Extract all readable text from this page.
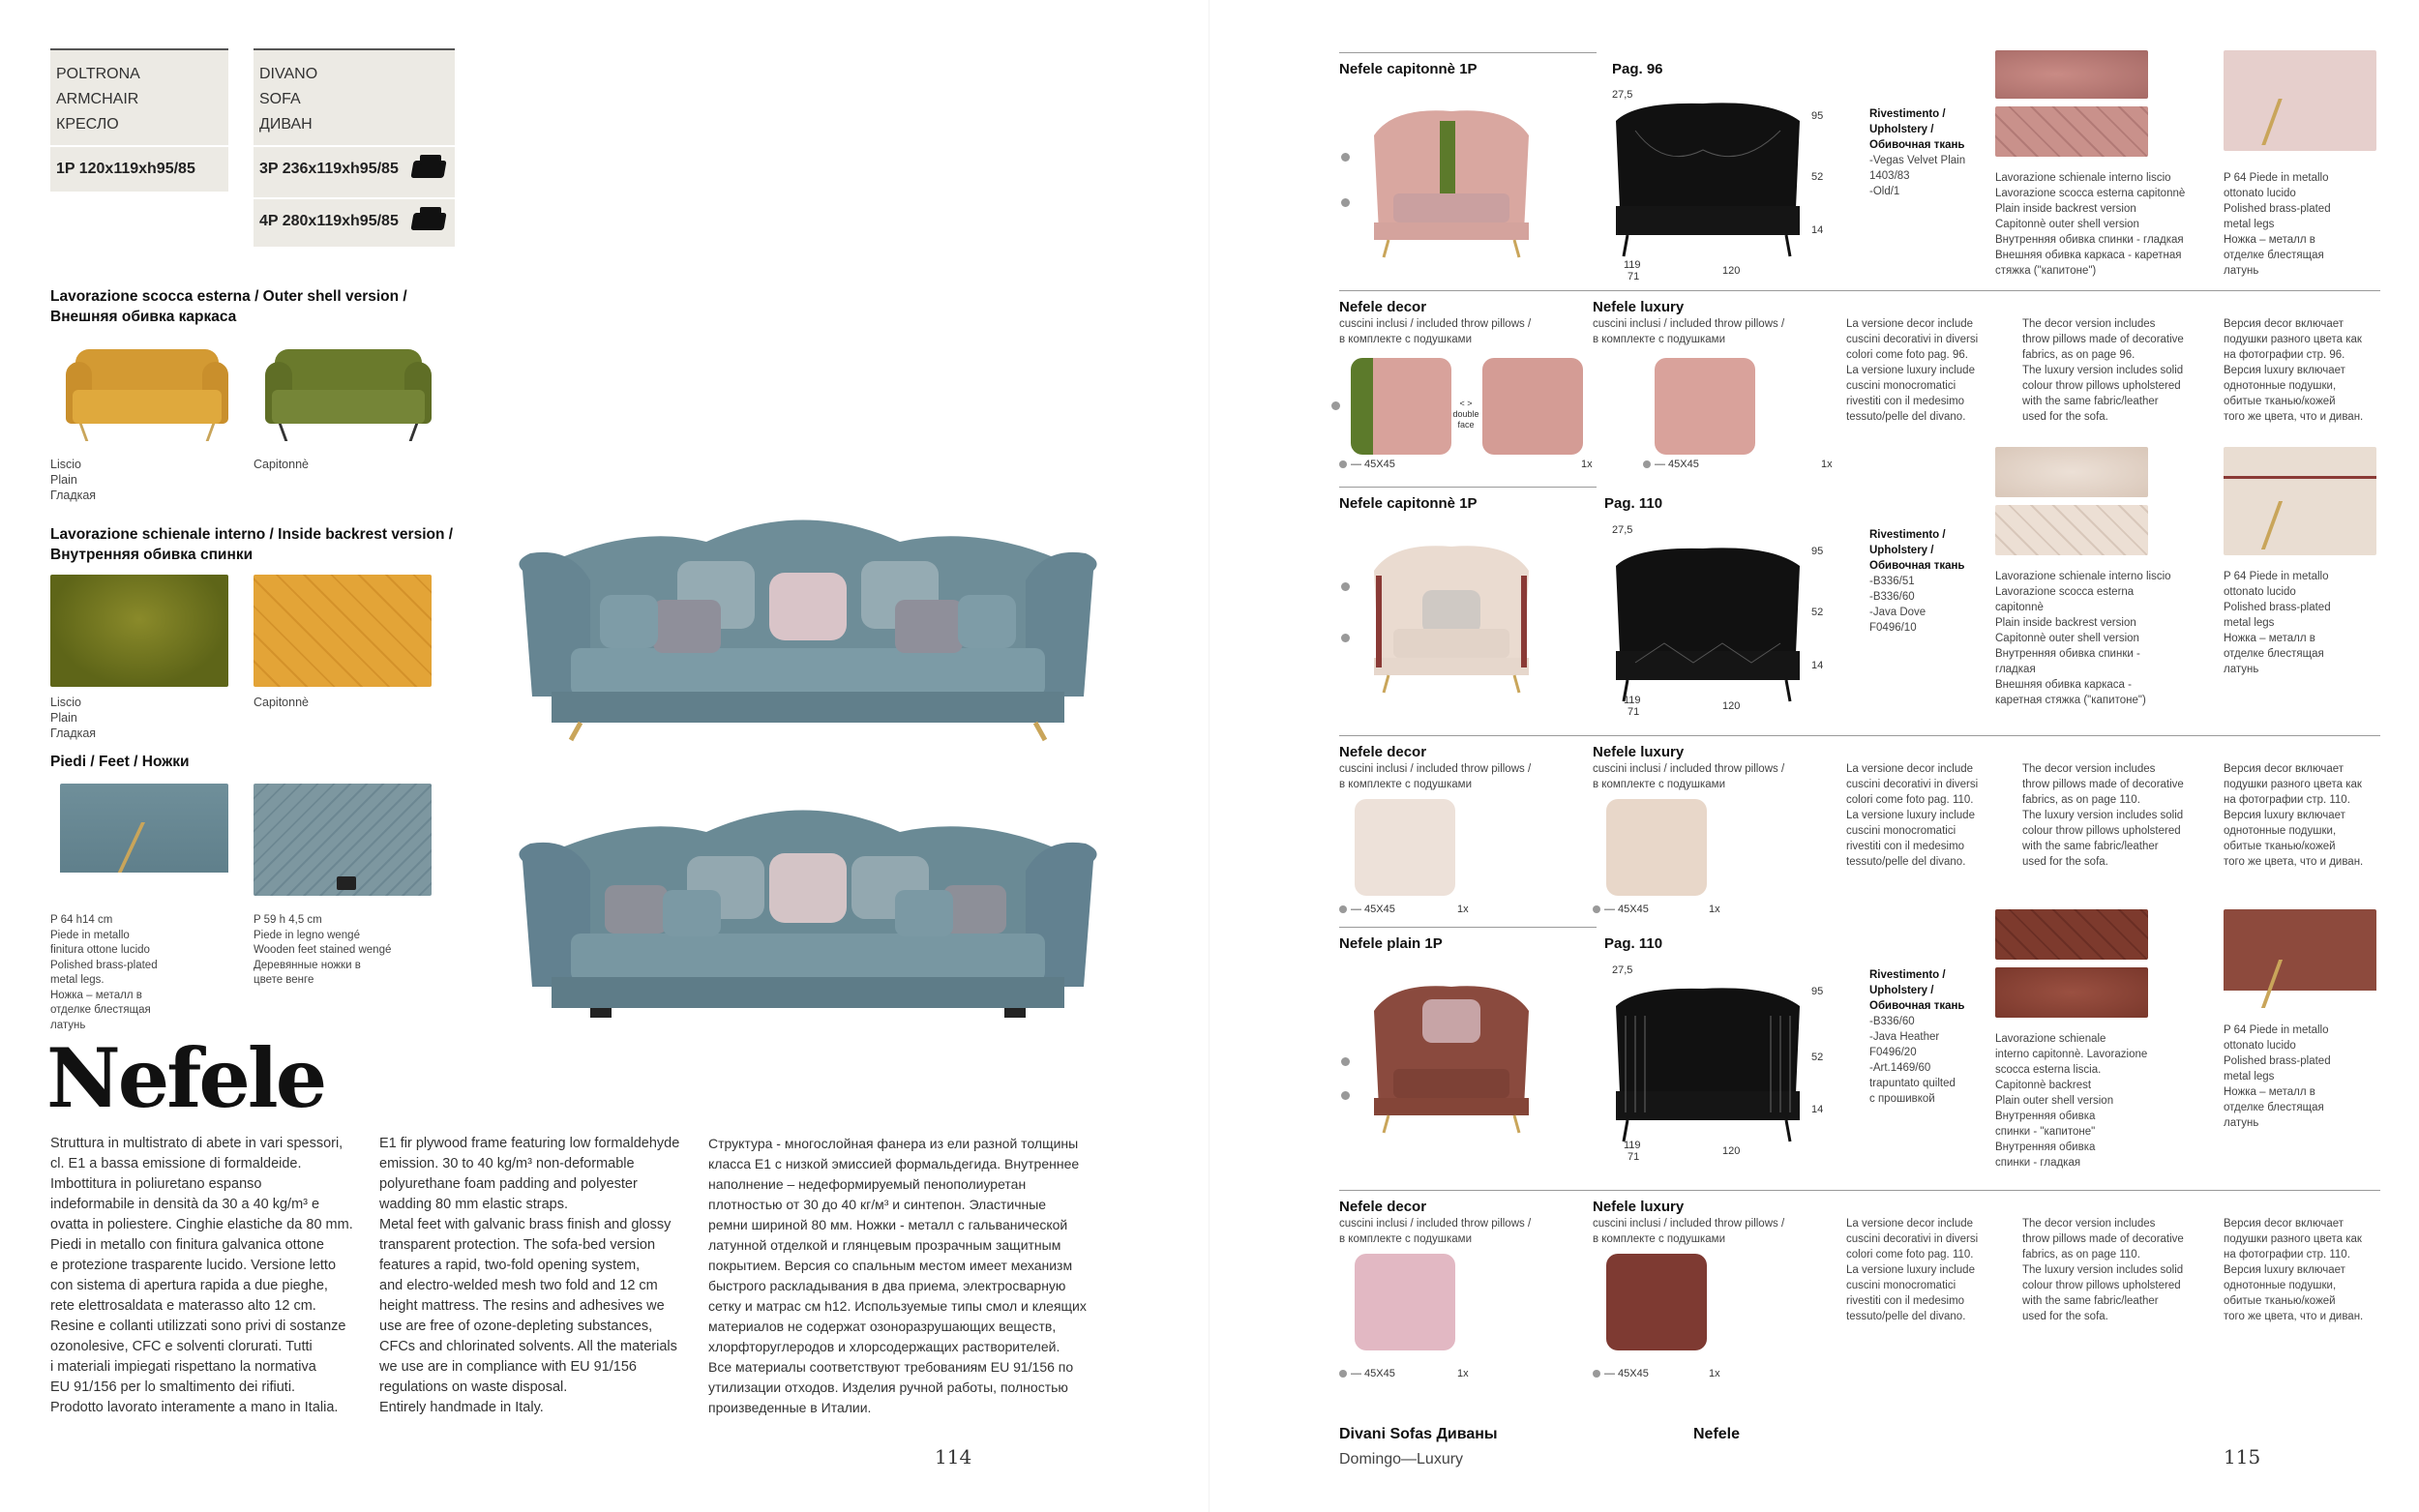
POLTRONA
ARMCHAIR
КРЕСЛО
1P 120x119xh95/85
DIVANO
SOFA
ДИВАН
3P 236x119xh95/85
4P 280x119xh95/85
Lavorazione scocca esterna / Outer shell version /
Внешняя обивка каркаса
Liscio
Plain
Гладкая
Capitonnè
Lavorazione schienale interno / Inside backrest version /
Внутренняя обивка спинки
Liscio
Plain
Гладкая
Capitonnè
Piedi / Feet / Ножки
P 64 h14 cm
Piede in metallo
finitura ottone lucido
Polished brass-plated
metal legs.
Ножка – металл в
отделке блестящая
латунь
P 59 h 4,5 cm
Piede in legno wengé
Wooden feet stained wengé
Деревянные ножки в
цвете венге
Nefele
Struttura in multistrato di abete in vari spessori,
cl. E1 a bassa emissione di formaldeide.
Imbottitura in poliuretano espanso
indeformabile in densità da 30 a 40 kg/m³ e
ovatta in poliestere. Cinghie elastiche da 80 mm.
Piedi in metallo con finitura galvanica ottone
e protezione trasparente lucido. Versione letto
con sistema di apertura rapida a due pieghe,
rete elettrosaldata e materasso alto 12 cm.
Resine e collanti utilizzati sono privi di sostanze
ozonolesive, CFC e solventi clorurati. Tutti
i materiali impiegati rispettano la normativa
EU 91/156 per lo smaltimento dei rifiuti.
Prodotto lavorato interamente a mano in Italia.
E1 fir plywood frame featuring low formaldehyde
emission. 30 to 40 kg/m³ non-deformable
polyurethane foam padding and polyester
wadding 80 mm elastic straps.
Metal feet with galvanic brass finish and glossy
transparent protection. The sofa-bed version
features a rapid, two-fold opening system,
and electro-welded mesh two fold and 12 cm
height mattress. The resins and adhesives we
use are free of ozone-depleting substances,
CFCs and chlorinated solvents. All the materials
we use are in compliance with EU 91/156
regulations on waste disposal.
Entirely handmade in Italy.
Структура - многослойная фанера из ели разной толщины
класса E1 с низкой эмиссией формальдегида. Внутреннее
наполнение – недеформируемый пенополиуретан
плотностью от 30 до 40 кг/м³ и синтепон. Эластичные
ремни шириной 80 мм. Ножки - металл с гальванической
латунной отделкой и глянцевым прозрачным защитным
покрытием. Версия со спальным местом имеет механизм
быстрого раскладывания в два приема, электросварную
сетку и матрас см h12. Используемые типы смол и клеящих
материалов не содержат озоноразрушающих веществ,
хлорфторуглеродов и хлорсодержащих растворителей.
Все материалы соответствуют требованиям EU 91/156 по
утилизации отходов. Изделия ручной работы, полностью
произведенные в Италии.
114
Nefele capitonnè 1P	Pag. 96
27,5
95
52
14
119
71	120
Rivestimento /
Upholstery /
Обивочная ткань
-Vegas Velvet Plain
1403/83
-Old/1
Lavorazione schienale interno liscio
Lavorazione scocca esterna capitonnè
Plain inside backrest version
Capitonnè outer shell version
Внутренняя обивка спинки - гладкая
Внешняя обивка каркаса - каретная
стяжка ("капитоне")
P 64 Piede in metallo
ottonato lucido
Polished brass-plated
metal legs
Ножка – металл в
отделке блестящая
латунь
Nefele decor
cuscini inclusi / included throw pillows /
в комплекте с подушками
Nefele luxury
cuscini inclusi / included throw pillows /
в комплекте с подушками
< >
double
face
— 45X45	1x	— 45X45	1x
La versione decor include
cuscini decorativi in diversi
colori come foto pag. 96.
La versione luxury include
cuscini monocromatici
rivestiti con il medesimo
tessuto/pelle del divano.
The decor version includes
throw pillows made of decorative
fabrics, as on page 96.
The luxury version includes solid
colour throw pillows upholstered
with the same fabric/leather
used for the sofa.
Версия decor включает
подушки разного цвета как
на фотографии стр. 96.
Версия luxury включает
однотонные подушки,
обитые тканью/кожей
того же цвета, что и диван.
Nefele capitonnè 1P	Pag. 110
27,5
95
52
14
119
71	120
Rivestimento /
Upholstery /
Обивочная ткань
-B336/51
-B336/60
-Java Dove
F0496/10
Lavorazione schienale interno liscio
Lavorazione scocca esterna
capitonnè
Plain inside backrest version
Capitonnè outer shell version
Внутренняя обивка спинки -
гладкая
Внешняя обивка каркаса -
каретная стяжка ("капитоне")
P 64 Piede in metallo
ottonato lucido
Polished brass-plated
metal legs
Ножка – металл в
отделке блестящая
латунь
Nefele decor
cuscini inclusi / included throw pillows /
в комплекте с подушками
Nefele luxury
cuscini inclusi / included throw pillows /
в комплекте с подушками
— 45X45	1x	— 45X45	1x
La versione decor include
cuscini decorativi in diversi
colori come foto pag. 110.
La versione luxury include
cuscini monocromatici
rivestiti con il medesimo
tessuto/pelle del divano.
The decor version includes
throw pillows made of decorative
fabrics, as on page 110.
The luxury version includes solid
colour throw pillows upholstered
with the same fabric/leather
used for the sofa.
Версия decor включает
подушки разного цвета как
на фотографии стр. 110.
Версия luxury включает
однотонные подушки,
обитые тканью/кожей
того же цвета, что и диван.
Nefele plain 1P	Pag. 110
27,5
95
52
14
119
71	120
Rivestimento /
Upholstery /
Обивочная ткань
-B336/60
-Java Heather
F0496/20
-Art.1469/60
trapuntato quilted
с прошивкой
Lavorazione schienale
interno capitonnè. Lavorazione
scocca esterna liscia.
Capitonnè backrest
Plain outer shell version
Внутренняя обивка
спинки - "капитоне"
Внутренняя обивка
спинки - гладкая
P 64 Piede in metallo
ottonato lucido
Polished brass-plated
metal legs
Ножка – металл в
отделке блестящая
латунь
Nefele decor
cuscini inclusi / included throw pillows /
в комплекте с подушками
Nefele luxury
cuscini inclusi / included throw pillows /
в комплекте с подушками
— 45X45	1x	— 45X45	1x
La versione decor include
cuscini decorativi in diversi
colori come foto pag. 110.
La versione luxury include
cuscini monocromatici
rivestiti con il medesimo
tessuto/pelle del divano.
The decor version includes
throw pillows made of decorative
fabrics, as on page 110.
The luxury version includes solid
colour throw pillows upholstered
with the same fabric/leather
used for the sofa.
Версия decor включает
подушки разного цвета как
на фотографии стр. 110.
Версия luxury включает
однотонные подушки,
обитые тканью/кожей
того же цвета, что и диван.
Divani Sofas Диваны
Domingo—Luxury
Nefele
115
